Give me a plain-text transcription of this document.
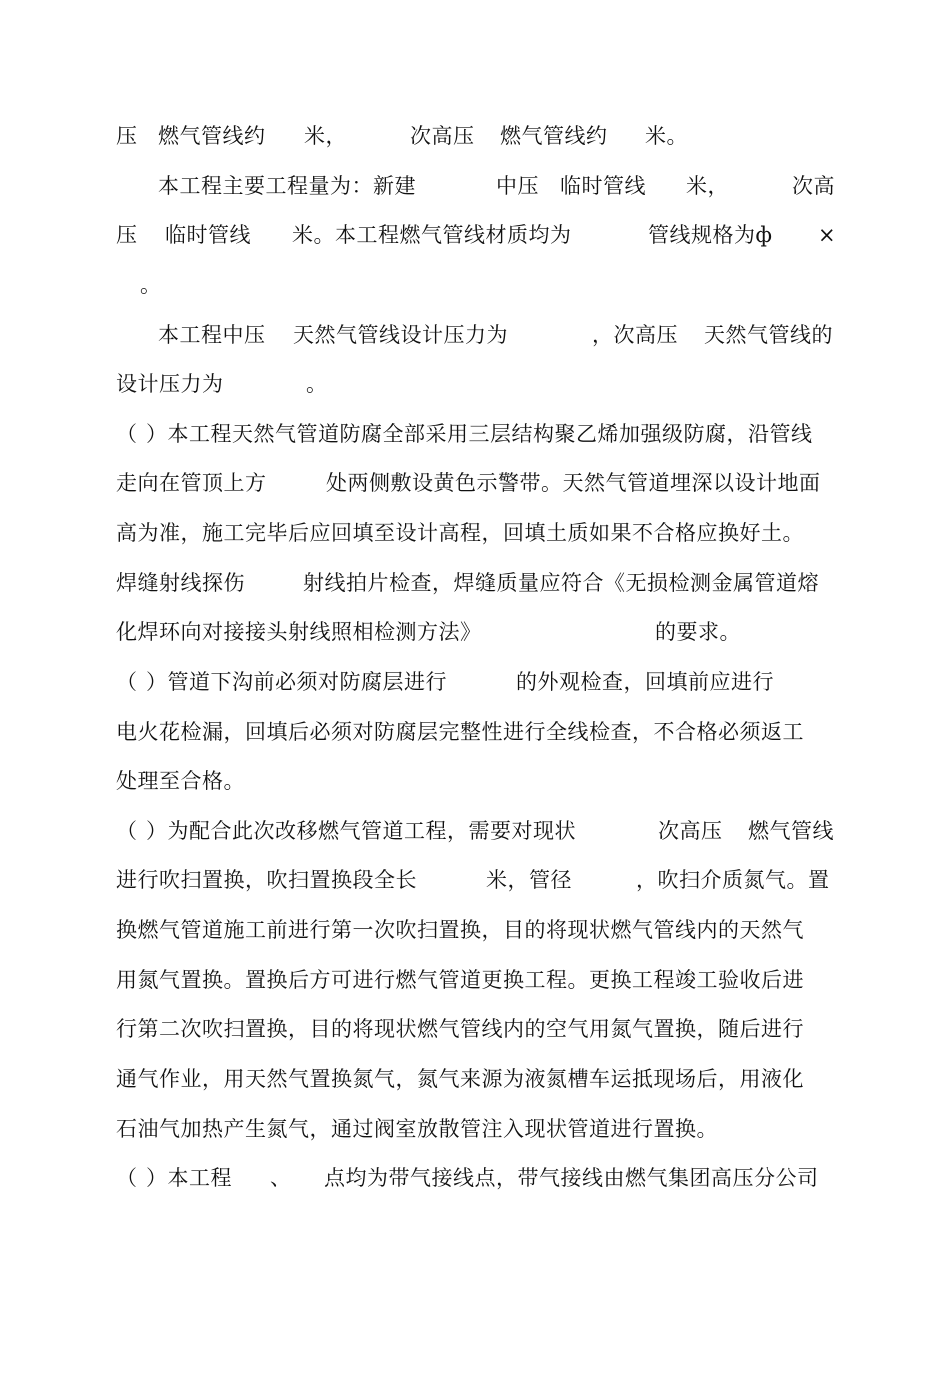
压

燃气管线约

米，

	次高压

燃气管线约

米。

本工程主要工程量为：新建

	中压

临时管线

米，

	次高

压

临时管线

米。本工程燃气管线材质均为

	管线规格为ф

×

。

本工程中压

天然气管线设计压力为

	，次高压

天然气管线的

设计压力为

	。

（

）本工程天然气管道防腐全部采用三层结构聚乙烯加强级防腐，沿管线

走向在管顶上方

	处两侧敷设黄色示警带。天然气管道埋深以设计地面

高为准，施工完毕后应回填至设计高程，回填土质如果不合格应换好土。

焊缝射线探伤

	射线拍片检查，焊缝质量应符合《无损检测金属管道熔

化焊环向对接接头射线照相检测方法》

	的要求。

（

）管道下沟前必须对防腐层进行

	的外观检查，回填前应进行

电火花检漏，回填后必须对防腐层完整性进行全线检查，不合格必须返工

处理至合格。

（

）为配合此次改移燃气管道工程，需要对现状

	次高压

燃气管线

进行吹扫置换，吹扫置换段全长

	米，管径

	，吹扫介质氮气。置

换燃气管道施工前进行第一次吹扫置换，目的将现状燃气管线内的天然气

用氮气置换。置换后方可进行燃气管道更换工程。更换工程竣工验收后进

行第二次吹扫置换，目的将现状燃气管线内的空气用氮气置换，随后进行

通气作业，用天然气置换氮气，氮气来源为液氮槽车运抵现场后，用液化

石油气加热产生氮气，通过阀室放散管注入现状管道进行置换。

（

）本工程

、

点均为带气接线点，带气接线由燃气集团高压分公司
